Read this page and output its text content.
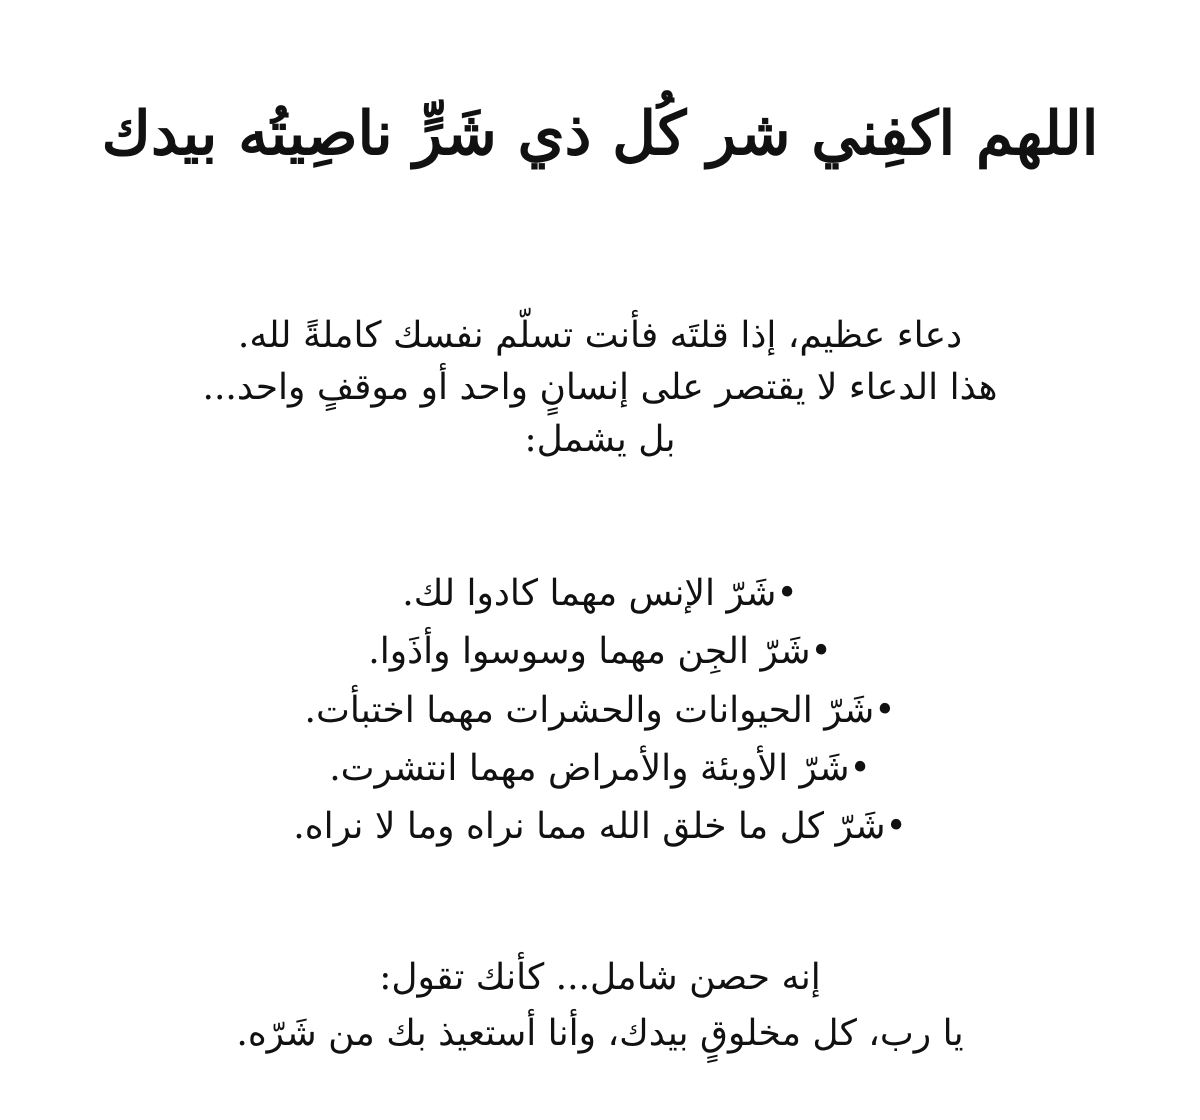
اللهم اكفِني شر كُل ذي شَرٍّ ناصِيتُه بيدك

دعاء عظيم، إذا قلتَه فأنت تسلّم نفسك كاملةً لله.

هذا الدعاء لا يقتصر على إنسانٍ واحد أو موقفٍ واحد...

بل يشمل:

•شَرّ الإنس مهما كادوا لك.

•شَرّ الجِن مهما وسوسوا وأذَوا.

•شَرّ الحيوانات والحشرات مهما اختبأت.

•شَرّ الأوبئة والأمراض مهما انتشرت.

•شَرّ كل ما خلق الله مما نراه وما لا نراه.

إنه حصن شامل... كأنك تقول:

يا رب، كل مخلوقٍ بيدك، وأنا أستعيذ بك من شَرّه.
